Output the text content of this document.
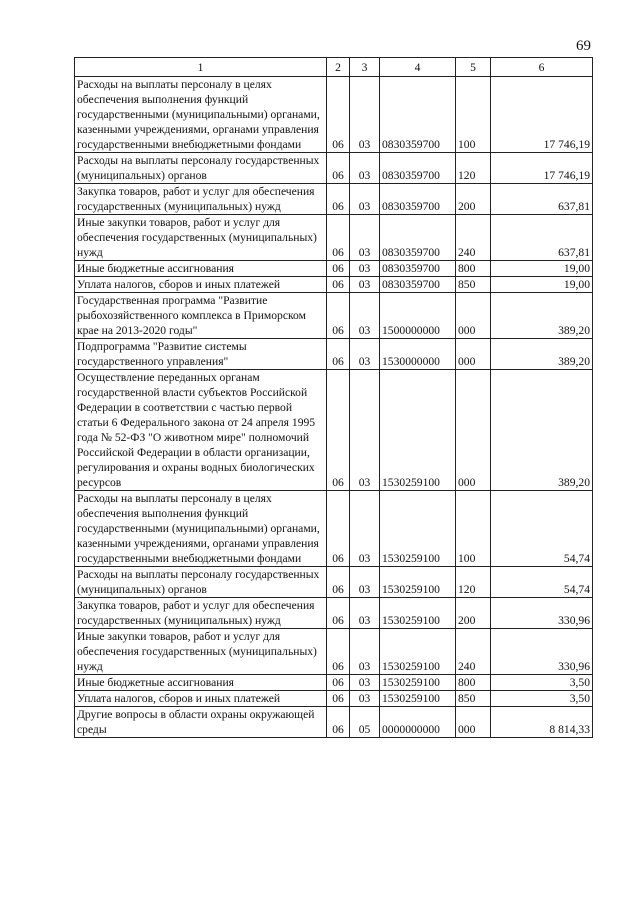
69
1	2	3	4	5	6
Расходы на выплаты персоналу в целях обеспечения выполнения функций государственными (муниципальными) органами, казенными учреждениями, органами управления государственными внебюджетными фондами	06	03	0830359700	100	17 746,19
Расходы на выплаты персоналу государственных (муниципальных) органов	06	03	0830359700	120	17 746,19
Закупка товаров, работ и услуг для обеспечения государственных (муниципальных) нужд	06	03	0830359700	200	637,81
Иные закупки товаров, работ и услуг для обеспечения государственных (муниципальных) нужд	06	03	0830359700	240	637,81
Иные бюджетные ассигнования	06	03	0830359700	800	19,00
Уплата налогов, сборов и иных платежей	06	03	0830359700	850	19,00
Государственная программа "Развитие рыбохозяйственного комплекса в Приморском крае на 2013-2020 годы"	06	03	1500000000	000	389,20
Подпрограмма "Развитие системы государственного управления"	06	03	1530000000	000	389,20
Осуществление переданных органам государственной власти субъектов Российской Федерации в соответствии с частью первой статьи 6 Федерального закона от 24 апреля 1995 года № 52-ФЗ "О животном мире" полномочий Российской Федерации в области организации, регулирования и охраны водных биологических ресурсов	06	03	1530259100	000	389,20
Расходы на выплаты персоналу в целях обеспечения выполнения функций государственными (муниципальными) органами, казенными учреждениями, органами управления государственными внебюджетными фондами	06	03	1530259100	100	54,74
Расходы на выплаты персоналу государственных (муниципальных) органов	06	03	1530259100	120	54,74
Закупка товаров, работ и услуг для обеспечения государственных (муниципальных) нужд	06	03	1530259100	200	330,96
Иные закупки товаров, работ и услуг для обеспечения государственных (муниципальных) нужд	06	03	1530259100	240	330,96
Иные бюджетные ассигнования	06	03	1530259100	800	3,50
Уплата налогов, сборов и иных платежей	06	03	1530259100	850	3,50
Другие вопросы в области охраны окружающей среды	06	05	0000000000	000	8 814,33
